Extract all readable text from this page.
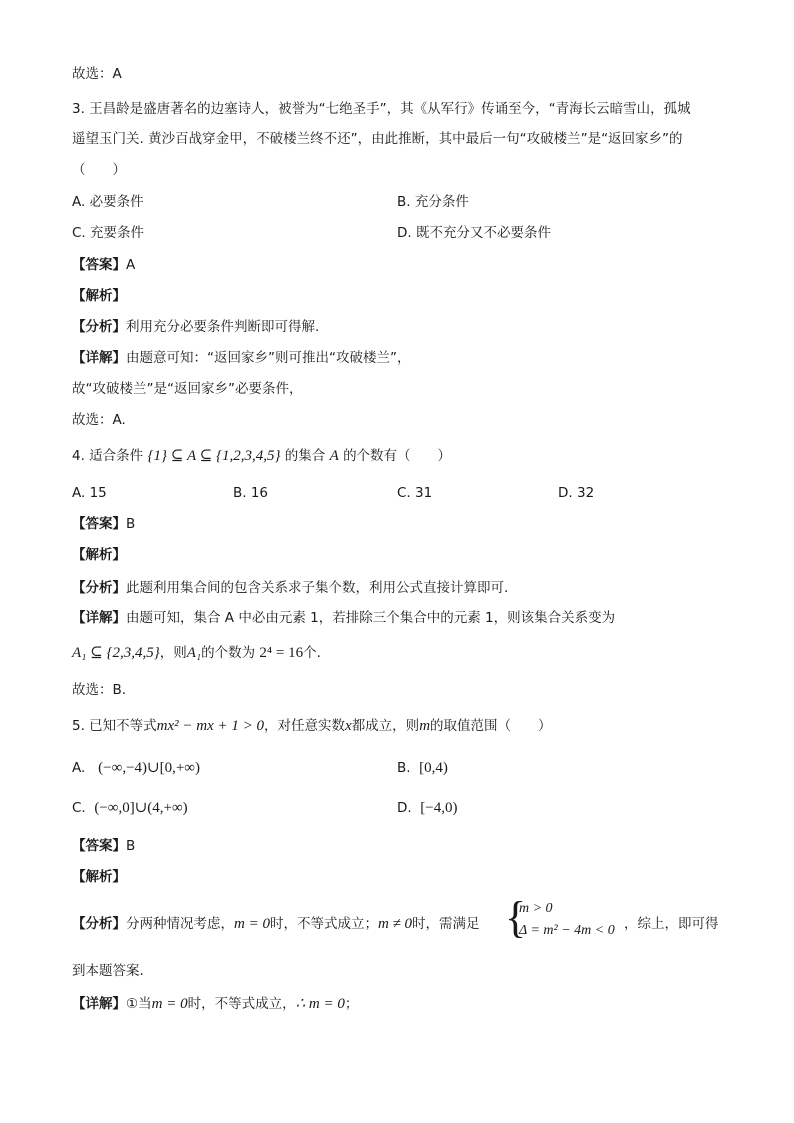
故选：A
3. 王昌龄是盛唐著名的边塞诗人，被誉为“七绝圣手”，其《从军行》传诵至今，“青海长云暗雪山，孤城
遥望玉门关. 黄沙百战穿金甲，不破楼兰终不还”，由此推断，其中最后一句“攻破楼兰”是“返回家乡”的
（　　）
A. 必要条件	B. 充分条件
C. 充要条件	D. 既不充分又不必要条件
【答案】A
【解析】
【分析】利用充分必要条件判断即可得解.
【详解】由题意可知：“返回家乡”则可推出“攻破楼兰”，
故“攻破楼兰”是“返回家乡”必要条件，
故选：A.
4. 适合条件 {1} ⊆ A ⊆ {1,2,3,4,5} 的集合 A 的个数有（　　）
A. 15	B. 16	C. 31	D. 32
【答案】B
【解析】
【分析】此题利用集合间的包含关系求子集个数，利用公式直接计算即可.
【详解】由题可知，集合 A 中必由元素 1，若排除三个集合中的元素 1，则该集合关系变为
A₁ ⊆ {2,3,4,5}，则A₁的个数为 2⁴ = 16个.
故选：B.
5. 已知不等式mx² − mx + 1 > 0，对任意实数x都成立，则m的取值范围（　　）
A. (−∞,−4)∪[0,+∞)	B. [0,4)
C. (−∞,0]∪(4,+∞)	D. [−4,0)
【答案】B
【解析】
【分析】分两种情况考虑，m = 0时，不等式成立；m ≠ 0时，需满足 {
m > 0
Δ = m² − 4m < 0 ，综上，即可得
到本题答案.
【详解】①当m = 0时，不等式成立，∴ m = 0；
